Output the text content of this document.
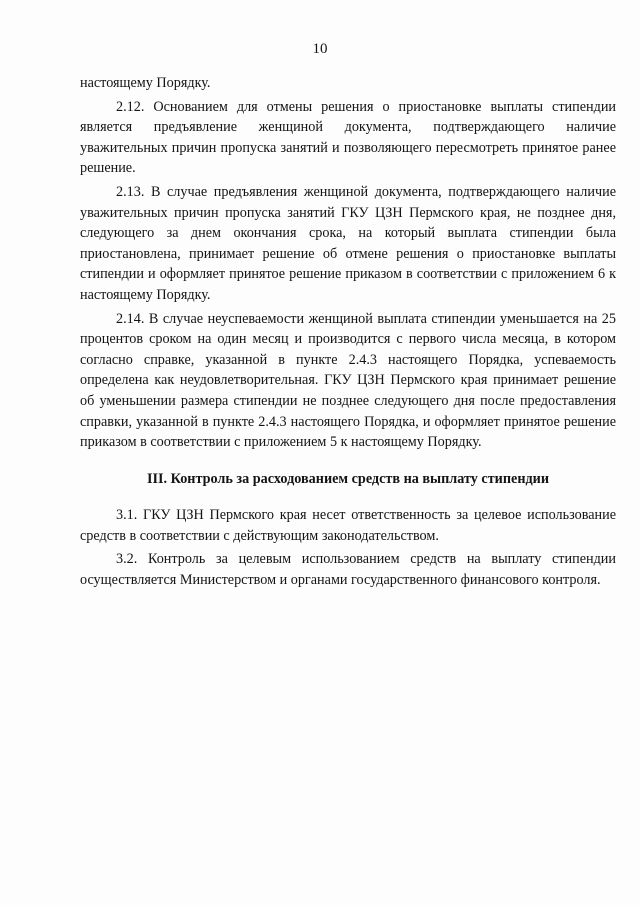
10

настоящему Порядку.

2.12. Основанием для отмены решения о приостановке выплаты стипендии является предъявление женщиной документа, подтверждающего наличие уважительных причин пропуска занятий и позволяющего пересмотреть принятое ранее решение.

2.13. В случае предъявления женщиной документа, подтверждающего наличие уважительных причин пропуска занятий ГКУ ЦЗН Пермского края, не позднее дня, следующего за днем окончания срока, на который выплата стипендии была приостановлена, принимает решение об отмене решения о приостановке выплаты стипендии и оформляет принятое решение приказом в соответствии с приложением 6 к настоящему Порядку.

2.14. В случае неуспеваемости женщиной выплата стипендии уменьшается на 25 процентов сроком на один месяц и производится с первого числа месяца, в котором согласно справке, указанной в пункте 2.4.3 настоящего Порядка, успеваемость определена как неудовлетворительная. ГКУ ЦЗН Пермского края принимает решение об уменьшении размера стипендии не позднее следующего дня после предоставления справки, указанной в пункте 2.4.3 настоящего Порядка, и оформляет принятое решение приказом в соответствии с приложением 5 к настоящему Порядку.

III. Контроль за расходованием средств на выплату стипендии

3.1. ГКУ ЦЗН Пермского края несет ответственность за целевое использование средств в соответствии с действующим законодательством.

3.2. Контроль за целевым использованием средств на выплату стипендии осуществляется Министерством и органами государственного финансового контроля.
